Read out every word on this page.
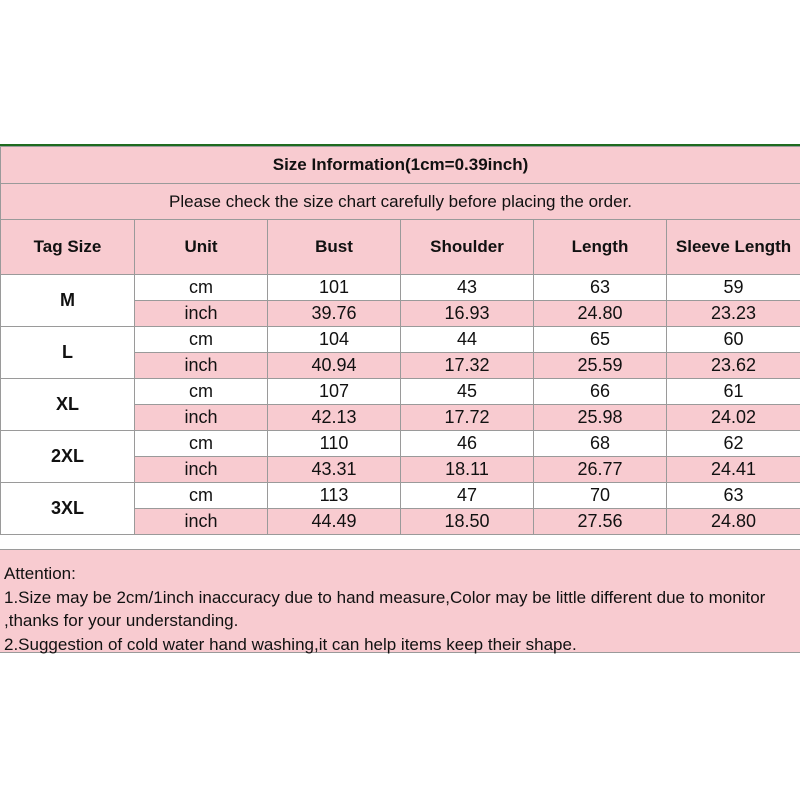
Size Information(1cm=0.39inch)					
Please check the size chart carefully before placing the order.					
Tag Size	Unit	Bust	Shoulder	Length	Sleeve Length
M	cm	101	43	63	59
	inch	39.76	16.93	24.80	23.23
L	cm	104	44	65	60
	inch	40.94	17.32	25.59	23.62
XL	cm	107	45	66	61
	inch	42.13	17.72	25.98	24.02
2XL	cm	110	46	68	62
	inch	43.31	18.11	26.77	24.41
3XL	cm	113	47	70	63
	inch	44.49	18.50	27.56	24.80

Attention:

1.Size may be 2cm/1inch inaccuracy due to hand measure,Color may be little different due to monitor ,thanks for your understanding.

2.Suggestion of cold water hand washing,it can help items keep their shape.
